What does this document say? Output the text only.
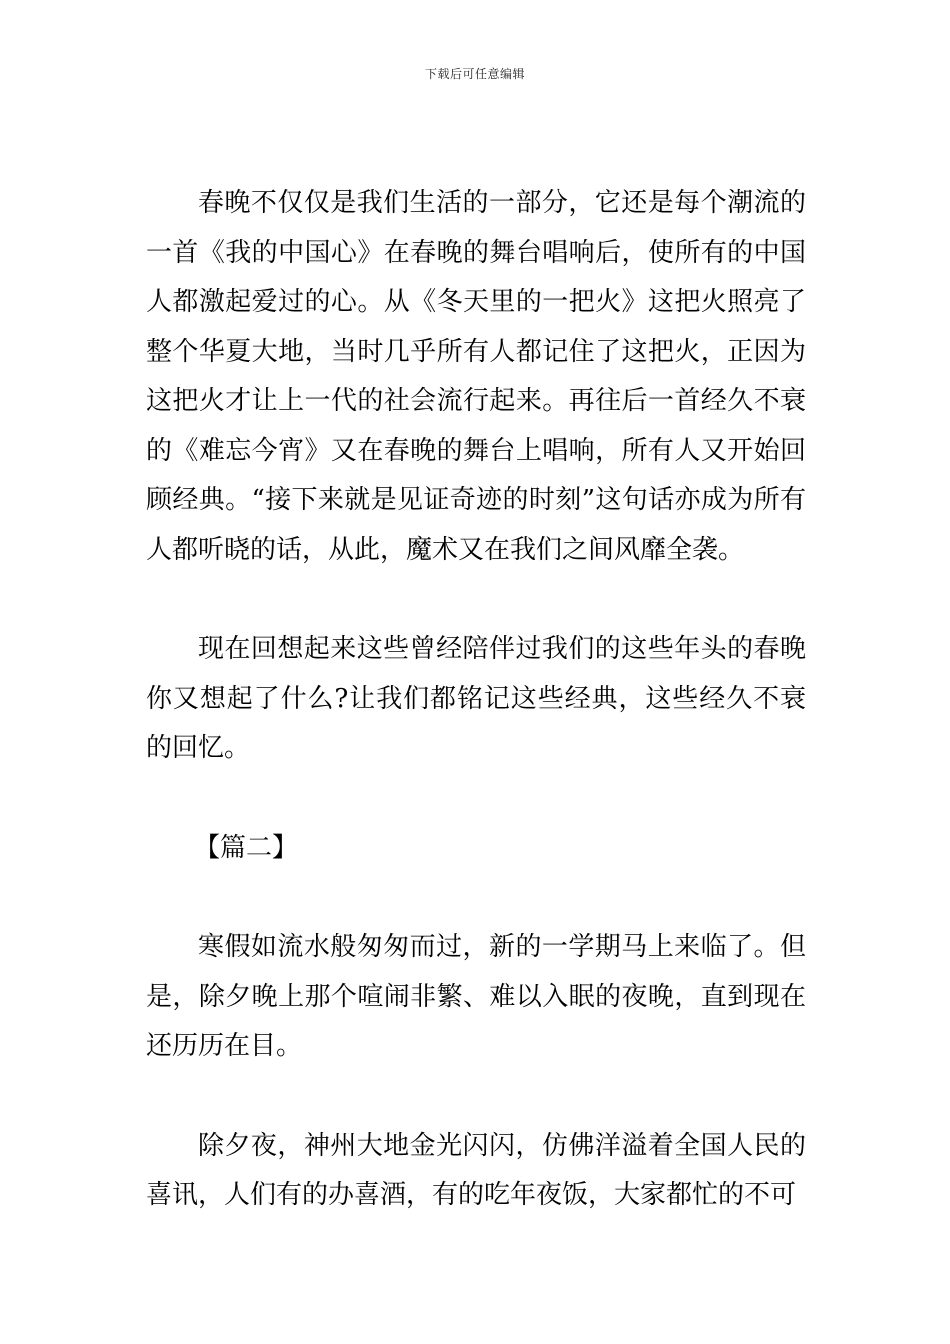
下载后可任意编辑

春晚不仅仅是我们生活的一部分，它还是每个潮流的一首《我的中国心》在春晚的舞台唱响后，使所有的中国人都激起爱过的心。从《冬天里的一把火》这把火照亮了整个华夏大地，当时几乎所有人都记住了这把火，正因为这把火才让上一代的社会流行起来。再往后一首经久不衰的《难忘今宵》又在春晚的舞台上唱响，所有人又开始回顾经典。“接下来就是见证奇迹的时刻”这句话亦成为所有人都听晓的话，从此，魔术又在我们之间风靡全袭。

现在回想起来这些曾经陪伴过我们的这些年头的春晚你又想起了什么?让我们都铭记这些经典，这些经久不衰的回忆。

【篇二】

寒假如流水般匆匆而过，新的一学期马上来临了。但是，除夕晚上那个喧闹非繁、难以入眠的夜晚，直到现在还历历在目。

除夕夜，神州大地金光闪闪，仿佛洋溢着全国人民的喜讯，人们有的办喜酒，有的吃年夜饭，大家都忙的不可
